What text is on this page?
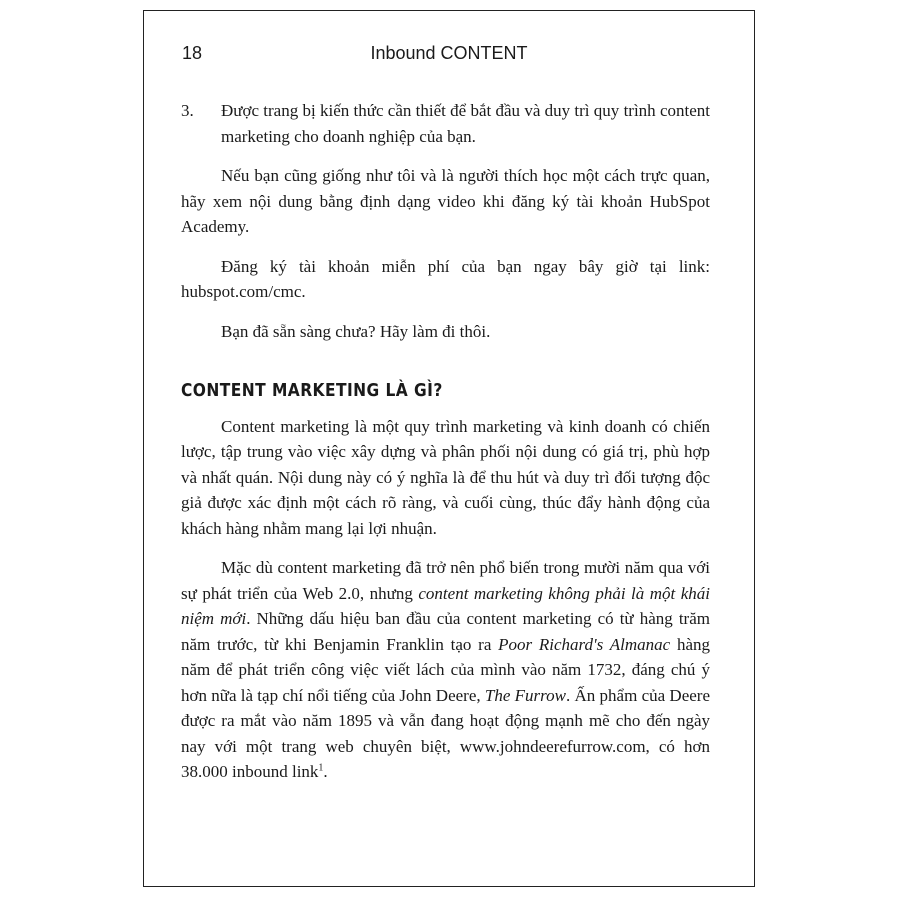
18	Inbound CONTENT
3. Được trang bị kiến thức cần thiết để bắt đầu và duy trì quy trình content marketing cho doanh nghiệp của bạn.

Nếu bạn cũng giống như tôi và là người thích học một cách trực quan, hãy xem nội dung bằng định dạng video khi đăng ký tài khoản HubSpot Academy.

Đăng ký tài khoản miễn phí của bạn ngay bây giờ tại link: hubspot.com/cmc.

Bạn đã sẵn sàng chưa? Hãy làm đi thôi.

CONTENT MARKETING LÀ GÌ?

Content marketing là một quy trình marketing và kinh doanh có chiến lược, tập trung vào việc xây dựng và phân phối nội dung có giá trị, phù hợp và nhất quán. Nội dung này có ý nghĩa là để thu hút và duy trì đối tượng độc giả được xác định một cách rõ ràng, và cuối cùng, thúc đẩy hành động của khách hàng nhằm mang lại lợi nhuận.

Mặc dù content marketing đã trở nên phổ biến trong mười năm qua với sự phát triển của Web 2.0, nhưng content marketing không phải là một khái niệm mới. Những dấu hiệu ban đầu của content marketing có từ hàng trăm năm trước, từ khi Benjamin Franklin tạo ra Poor Richard's Almanac hàng năm để phát triển công việc viết lách của mình vào năm 1732, đáng chú ý hơn nữa là tạp chí nổi tiếng của John Deere, The Furrow. Ấn phẩm của Deere được ra mắt vào năm 1895 và vẫn đang hoạt động mạnh mẽ cho đến ngày nay với một trang web chuyên biệt, www.johndeerefurrow.com, có hơn 38.000 inbound link$^1$.
